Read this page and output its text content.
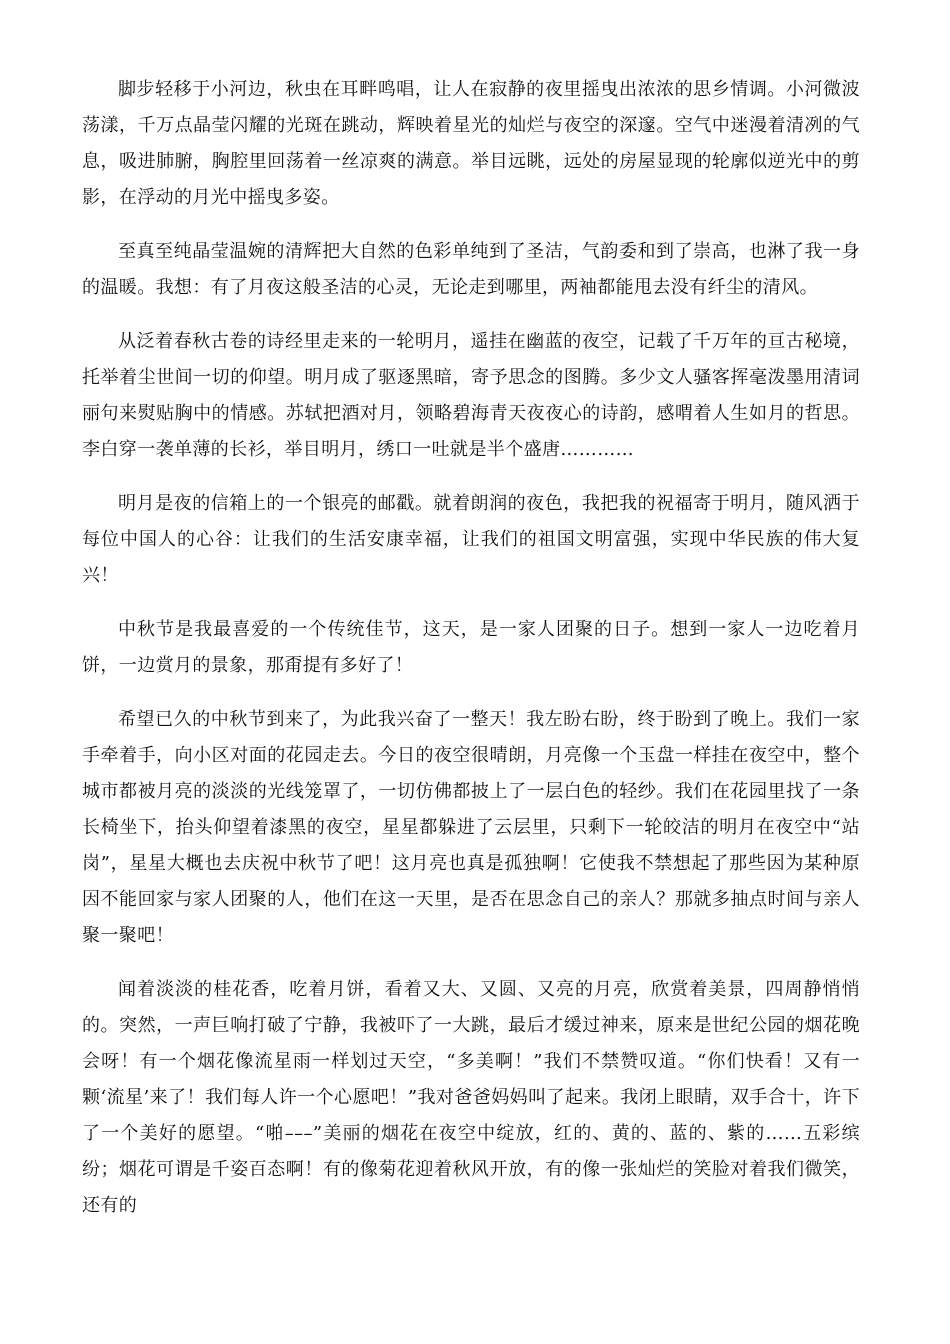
脚步轻移于小河边，秋虫在耳畔鸣唱，让人在寂静的夜里摇曳出浓浓的思乡情调。小河微波荡漾，千万点晶莹闪耀的光斑在跳动，辉映着星光的灿烂与夜空的深邃。空气中迷漫着清冽的气息，吸进肺腑，胸腔里回荡着一丝凉爽的满意。举目远眺，远处的房屋显现的轮廓似逆光中的剪影，在浮动的月光中摇曳多姿。

至真至纯晶莹温婉的清辉把大自然的色彩单纯到了圣洁，气韵委和到了崇高，也淋了我一身的温暖。我想：有了月夜这般圣洁的心灵，无论走到哪里，两袖都能甩去没有纤尘的清风。

从泛着春秋古卷的诗经里走来的一轮明月，遥挂在幽蓝的夜空，记载了千万年的亘古秘境，托举着尘世间一切的仰望。明月成了驱逐黑暗，寄予思念的图腾。多少文人骚客挥毫泼墨用清词丽句来熨贴胸中的情感。苏轼把酒对月，领略碧海青天夜夜心的诗韵，感喟着人生如月的哲思。李白穿一袭单薄的长衫，举目明月，绣口一吐就是半个盛唐…………

明月是夜的信箱上的一个银亮的邮戳。就着朗润的夜色，我把我的祝福寄于明月，随风洒于每位中国人的心谷：让我们的生活安康幸福，让我们的祖国文明富强，实现中华民族的伟大复兴！

中秋节是我最喜爱的一个传统佳节，这天，是一家人团聚的日子。想到一家人一边吃着月饼，一边赏月的景象，那甭提有多好了！

希望已久的中秋节到来了，为此我兴奋了一整天！我左盼右盼，终于盼到了晚上。我们一家手牵着手，向小区对面的花园走去。今日的夜空很晴朗，月亮像一个玉盘一样挂在夜空中，整个城市都被月亮的淡淡的光线笼罩了，一切仿佛都披上了一层白色的轻纱。我们在花园里找了一条长椅坐下，抬头仰望着漆黑的夜空，星星都躲进了云层里，只剩下一轮皎洁的明月在夜空中“站岗”，星星大概也去庆祝中秋节了吧！这月亮也真是孤独啊！它使我不禁想起了那些因为某种原因不能回家与家人团聚的人，他们在这一天里，是否在思念自己的亲人？那就多抽点时间与亲人聚一聚吧！

闻着淡淡的桂花香，吃着月饼，看着又大、又圆、又亮的月亮，欣赏着美景，四周静悄悄的。突然，一声巨响打破了宁静，我被吓了一大跳，最后才缓过神来，原来是世纪公园的烟花晚会呀！有一个烟花像流星雨一样划过天空，“多美啊！”我们不禁赞叹道。“你们快看！又有一颗‘流星’来了！我们每人许一个心愿吧！”我对爸爸妈妈叫了起来。我闭上眼睛，双手合十，许下了一个美好的愿望。“啪–––”美丽的烟花在夜空中绽放，红的、黄的、蓝的、紫的……五彩缤纷；烟花可谓是千姿百态啊！有的像菊花迎着秋风开放，有的像一张灿烂的笑脸对着我们微笑，还有的
